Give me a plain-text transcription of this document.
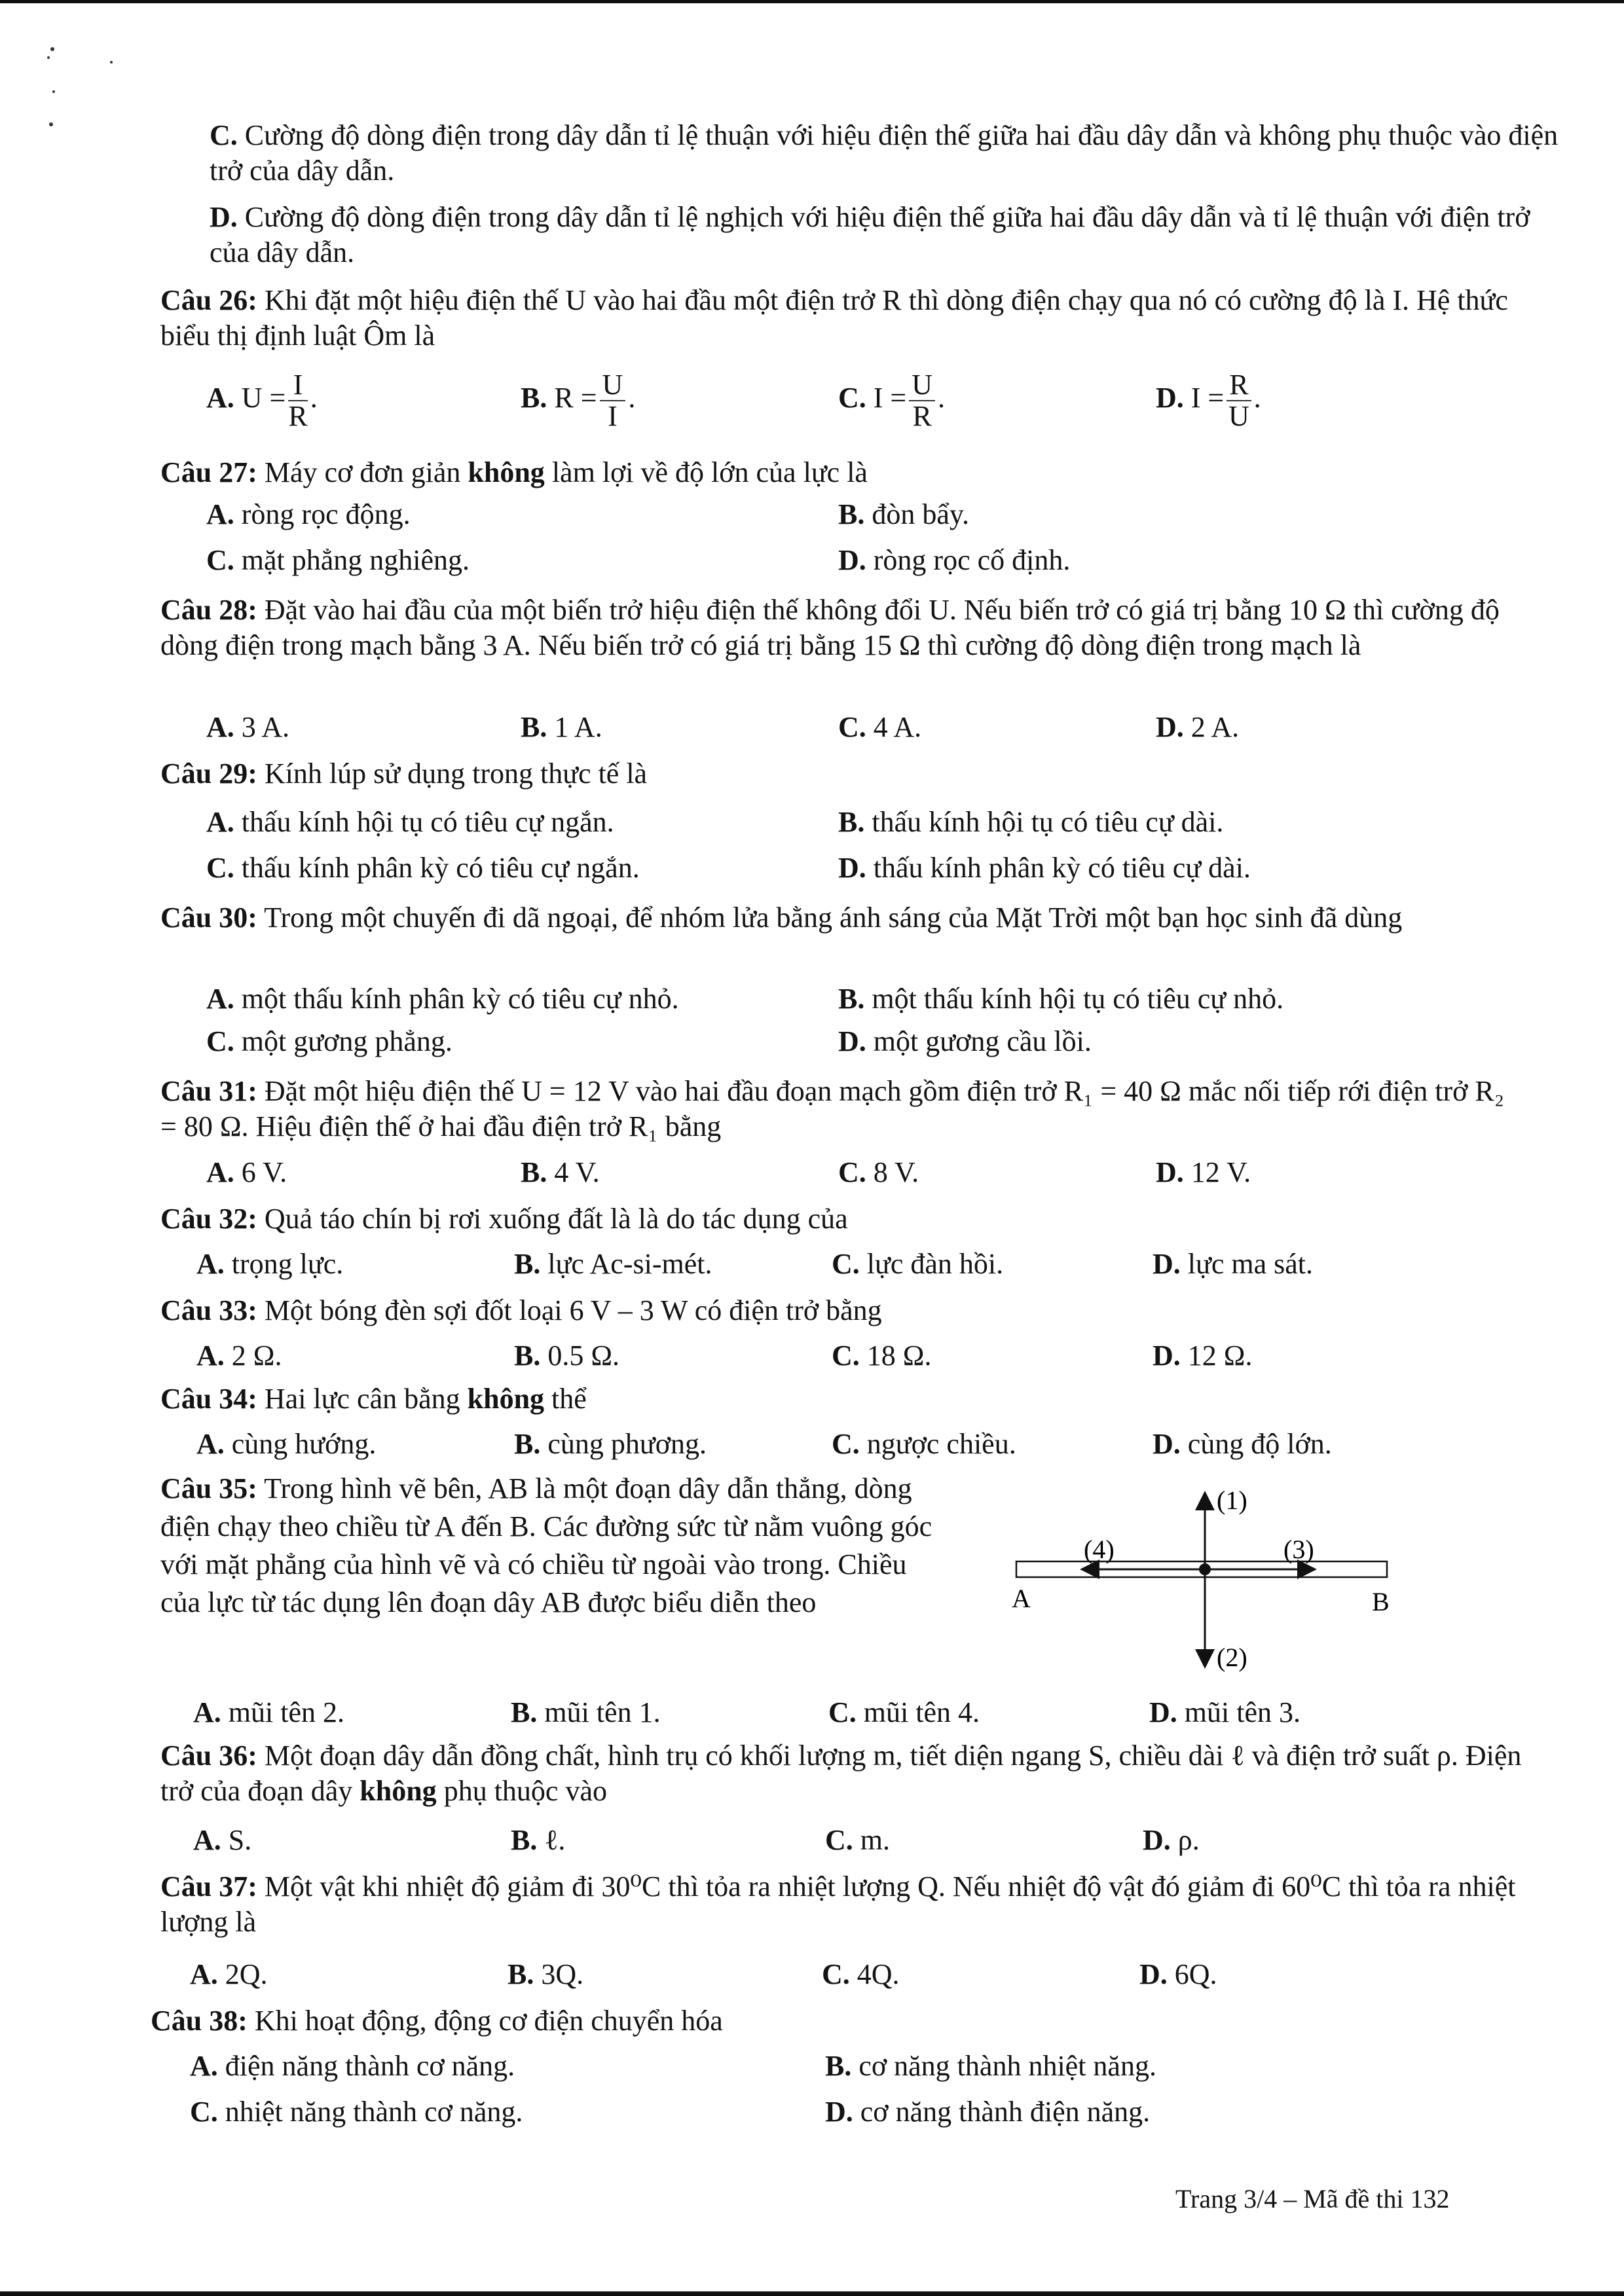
C. Cường độ dòng điện trong dây dẫn tỉ lệ thuận với hiệu điện thế giữa hai đầu dây dẫn và không phụ thuộc vào điện trở của dây dẫn.
D. Cường độ dòng điện trong dây dẫn tỉ lệ nghịch với hiệu điện thế giữa hai đầu dây dẫn và tỉ lệ thuận với điện trở của dây dẫn.
Câu 26: Khi đặt một hiệu điện thế U vào hai đầu một điện trở R thì dòng điện chạy qua nó có cường độ là I. Hệ thức biểu thị định luật Ôm là
A. $U = \frac{I}{R}$ .	B. $R = \frac{U}{I}$ .	C. $I = \frac{U}{R}$ .	D. $I = \frac{R}{U}$ .
Câu 27: Máy cơ đơn giản không làm lợi về độ lớn của lực là
A. ròng rọc động.	B. đòn bẩy.
C. mặt phẳng nghiêng.	D. ròng rọc cố định.
Câu 28: Đặt vào hai đầu của một biến trở hiệu điện thế không đổi U. Nếu biến trở có giá trị bằng 10 Ω thì cường độ dòng điện trong mạch bằng 3 A. Nếu biến trở có giá trị bằng 15 Ω thì cường độ dòng điện trong mạch là
A. 3 A.	B. 1 A.	C. 4 A.	D. 2 A.
Câu 29: Kính lúp sử dụng trong thực tế là
A. thấu kính hội tụ có tiêu cự ngắn.	B. thấu kính hội tụ có tiêu cự dài.
C. thấu kính phân kỳ có tiêu cự ngắn.	D. thấu kính phân kỳ có tiêu cự dài.
Câu 30: Trong một chuyến đi dã ngoại, để nhóm lửa bằng ánh sáng của Mặt Trời một bạn học sinh đã dùng
A. một thấu kính phân kỳ có tiêu cự nhỏ.	B. một thấu kính hội tụ có tiêu cự nhỏ.
C. một gương phẳng.	D. một gương cầu lồi.
Câu 31: Đặt một hiệu điện thế U = 12 V vào hai đầu đoạn mạch gồm điện trở R₁ = 40 Ω mắc nối tiếp rới điện trở R₂ = 80 Ω. Hiệu điện thế ở hai đầu điện trở R₁ bằng
A. 6 V.	B. 4 V.	C. 8 V.	D. 12 V.
Câu 32: Quả táo chín bị rơi xuống đất là là do tác dụng của
A. trọng lực.	B. lực Ac-si-mét.	C. lực đàn hồi.	D. lực ma sát.
Câu 33: Một bóng đèn sợi đốt loại 6 V – 3 W có điện trở bằng
A. 2 Ω.	B. 0.5 Ω.	C. 18 Ω.	D. 12 Ω.
Câu 34: Hai lực cân bằng không thể
A. cùng hướng.	B. cùng phương.	C. ngược chiều.	D. cùng độ lớn.
Câu 35: Trong hình vẽ bên, AB là một đoạn dây dẫn thẳng, dòng điện chạy theo chiều từ A đến B. Các đường sức từ nằm vuông góc với mặt phẳng của hình vẽ và có chiều từ ngoài vào trong. Chiều của lực từ tác dụng lên đoạn dây AB được biểu diễn theo
(1)
(2)
(3)
(4)
A	B
A. mũi tên 2.	B. mũi tên 1.	C. mũi tên 4.	D. mũi tên 3.
Câu 36: Một đoạn dây dẫn đồng chất, hình trụ có khối lượng m, tiết diện ngang S, chiều dài ℓ và điện trở suất ρ. Điện trở của đoạn dây không phụ thuộc vào
A. S.	B. ℓ.	C. m.	D. ρ.
Câu 37: Một vật khi nhiệt độ giảm đi 30⁰C thì tỏa ra nhiệt lượng Q. Nếu nhiệt độ vật đó giảm đi 60⁰C thì tỏa ra nhiệt lượng là
A. 2Q.	B. 3Q.	C. 4Q.	D. 6Q.
Câu 38: Khi hoạt động, động cơ điện chuyển hóa
A. điện năng thành cơ năng.	B. cơ năng thành nhiệt năng.
C. nhiệt năng thành cơ năng.	D. cơ năng thành điện năng.
Trang 3/4 – Mã đề thi 132
